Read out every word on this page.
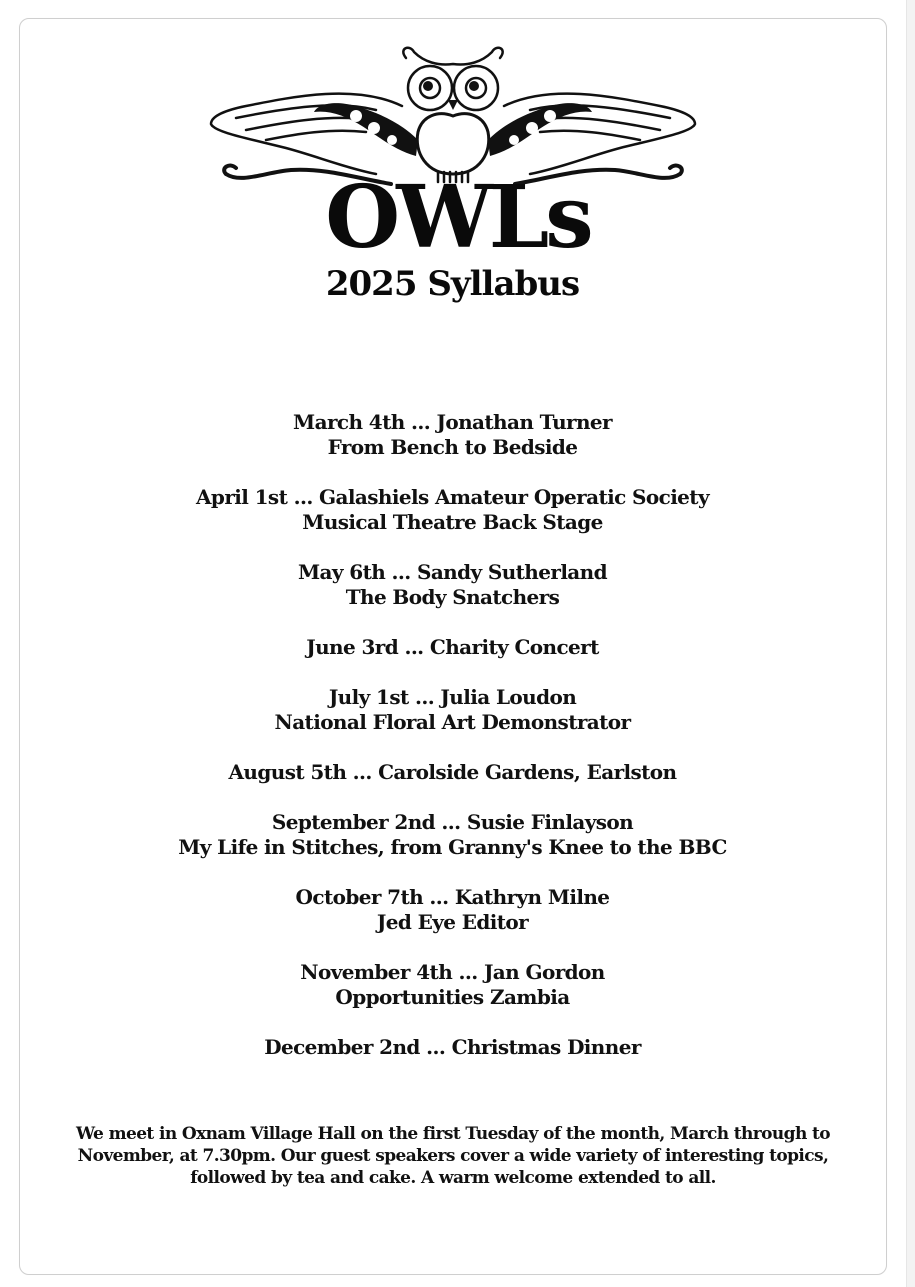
OWLs
2025 Syllabus
March 4th ... Jonathan Turner
From Bench to Bedside
April 1st ... Galashiels Amateur Operatic Society
Musical Theatre Back Stage
May 6th ... Sandy Sutherland
The Body Snatchers
June 3rd ... Charity Concert
July 1st ... Julia Loudon
National Floral Art Demonstrator
August 5th ... Carolside Gardens, Earlston
September 2nd ... Susie Finlayson
My Life in Stitches, from Granny's Knee to the BBC
October 7th ... Kathryn Milne
Jed Eye Editor
November 4th ... Jan Gordon
Opportunities Zambia
December 2nd ... Christmas Dinner

We meet in Oxnam Village Hall on the first Tuesday of the month, March through to November, at 7.30pm. Our guest speakers cover a wide variety of interesting topics, followed by tea and cake. A warm welcome extended to all.
